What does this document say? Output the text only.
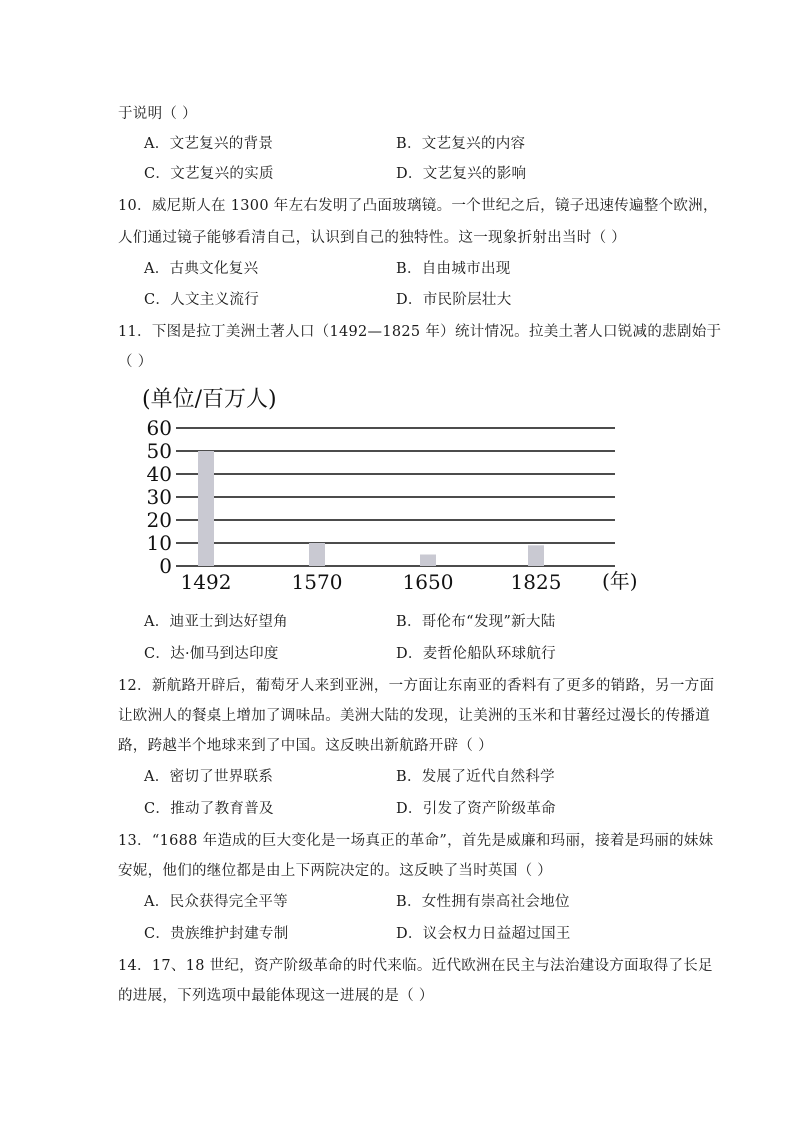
于说明（ ）
A．文艺复兴的背景	B．文艺复兴的内容
C．文艺复兴的实质	D．文艺复兴的影响
10．威尼斯人在 1300 年左右发明了凸面玻璃镜。一个世纪之后，镜子迅速传遍整个欧洲，
人们通过镜子能够看清自己，认识到自己的独特性。这一现象折射出当时（ ）
A．古典文化复兴	B．自由城市出现
C．人文主义流行	D．市民阶层壮大
11．下图是拉丁美洲土著人口（1492—1825 年）统计情况。拉美土著人口锐减的悲剧始于
（ ）
(单位/百万人)
0
10
20
30
40
50
60
1492	1570	1650	1825 (年)
A．迪亚士到达好望角	B．哥伦布“发现”新大陆
C．达·伽马到达印度	D．麦哲伦船队环球航行
12．新航路开辟后，葡萄牙人来到亚洲，一方面让东南亚的香料有了更多的销路，另一方面
让欧洲人的餐桌上增加了调味品。美洲大陆的发现，让美洲的玉米和甘薯经过漫长的传播道
路，跨越半个地球来到了中国。这反映出新航路开辟（ ）
A．密切了世界联系	B．发展了近代自然科学
C．推动了教育普及	D．引发了资产阶级革命
13．“1688 年造成的巨大变化是一场真正的革命”，首先是威廉和玛丽，接着是玛丽的妹妹
安妮，他们的继位都是由上下两院决定的。这反映了当时英国（ ）
A．民众获得完全平等	B．女性拥有崇高社会地位
C．贵族维护封建专制	D．议会权力日益超过国王
14．17、18 世纪，资产阶级革命的时代来临。近代欧洲在民主与法治建设方面取得了长足
的进展，下列选项中最能体现这一进展的是（ ）
